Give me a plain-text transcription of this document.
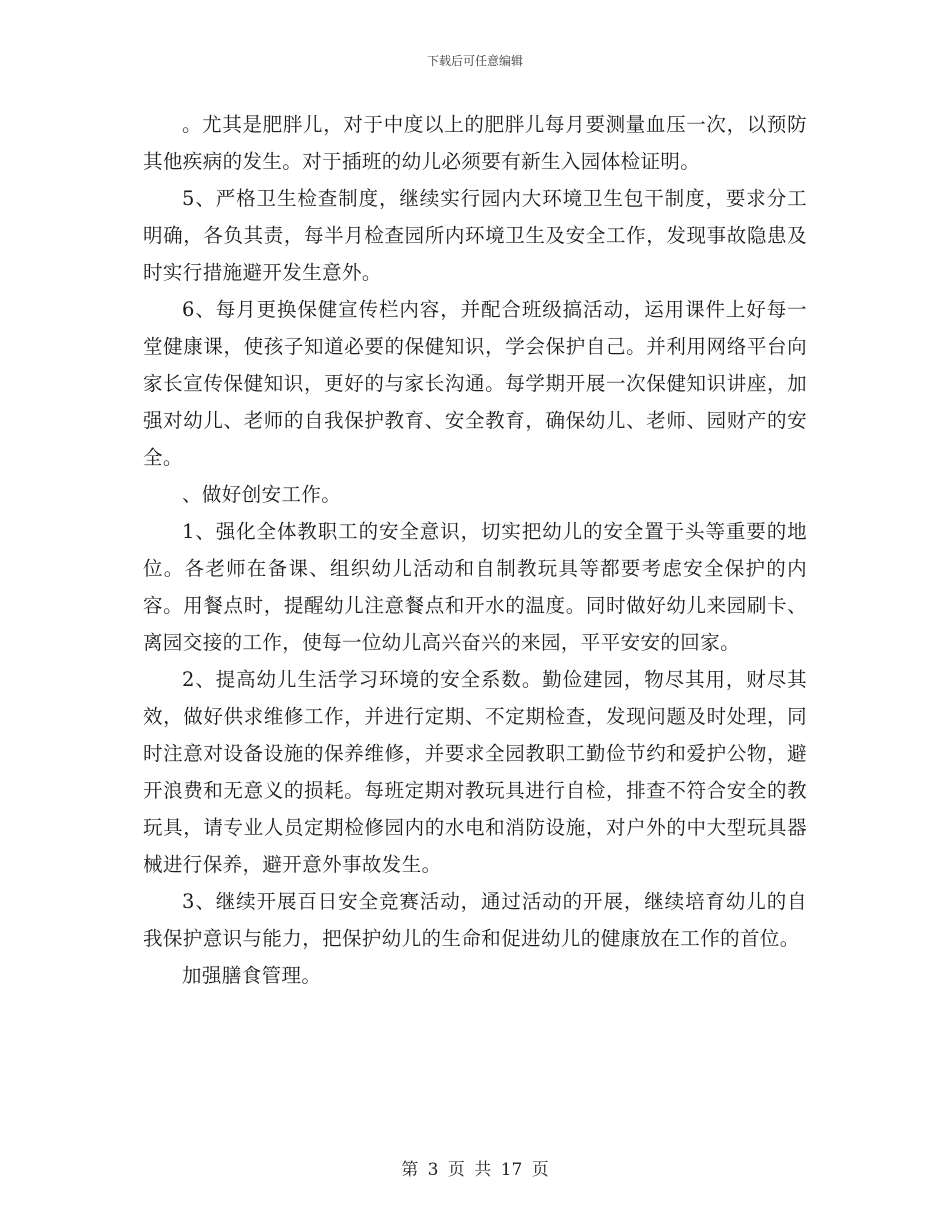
下载后可任意编辑

。尤其是肥胖儿，对于中度以上的肥胖儿每月要测量血压一次，以预防其他疾病的发生。对于插班的幼儿必须要有新生入园体检证明。

5、严格卫生检查制度，继续实行园内大环境卫生包干制度，要求分工明确，各负其责，每半月检查园所内环境卫生及安全工作，发现事故隐患及时实行措施避开发生意外。

6、每月更换保健宣传栏内容，并配合班级搞活动，运用课件上好每一堂健康课，使孩子知道必要的保健知识，学会保护自己。并利用网络平台向家长宣传保健知识，更好的与家长沟通。每学期开展一次保健知识讲座，加强对幼儿、老师的自我保护教育、安全教育，确保幼儿、老师、园财产的安全。

、做好创安工作。

1、强化全体教职工的安全意识，切实把幼儿的安全置于头等重要的地位。各老师在备课、组织幼儿活动和自制教玩具等都要考虑安全保护的内容。用餐点时，提醒幼儿注意餐点和开水的温度。同时做好幼儿来园刷卡、离园交接的工作，使每一位幼儿高兴奋兴的来园，平平安安的回家。

2、提高幼儿生活学习环境的安全系数。勤俭建园，物尽其用，财尽其效，做好供求维修工作，并进行定期、不定期检查，发现问题及时处理，同时注意对设备设施的保养维修，并要求全园教职工勤俭节约和爱护公物，避开浪费和无意义的损耗。每班定期对教玩具进行自检，排查不符合安全的教玩具，请专业人员定期检修园内的水电和消防设施，对户外的中大型玩具器械进行保养，避开意外事故发生。

3、继续开展百日安全竞赛活动，通过活动的开展，继续培育幼儿的自我保护意识与能力，把保护幼儿的生命和促进幼儿的健康放在工作的首位。

加强膳食管理。

第 3 页 共 17 页
